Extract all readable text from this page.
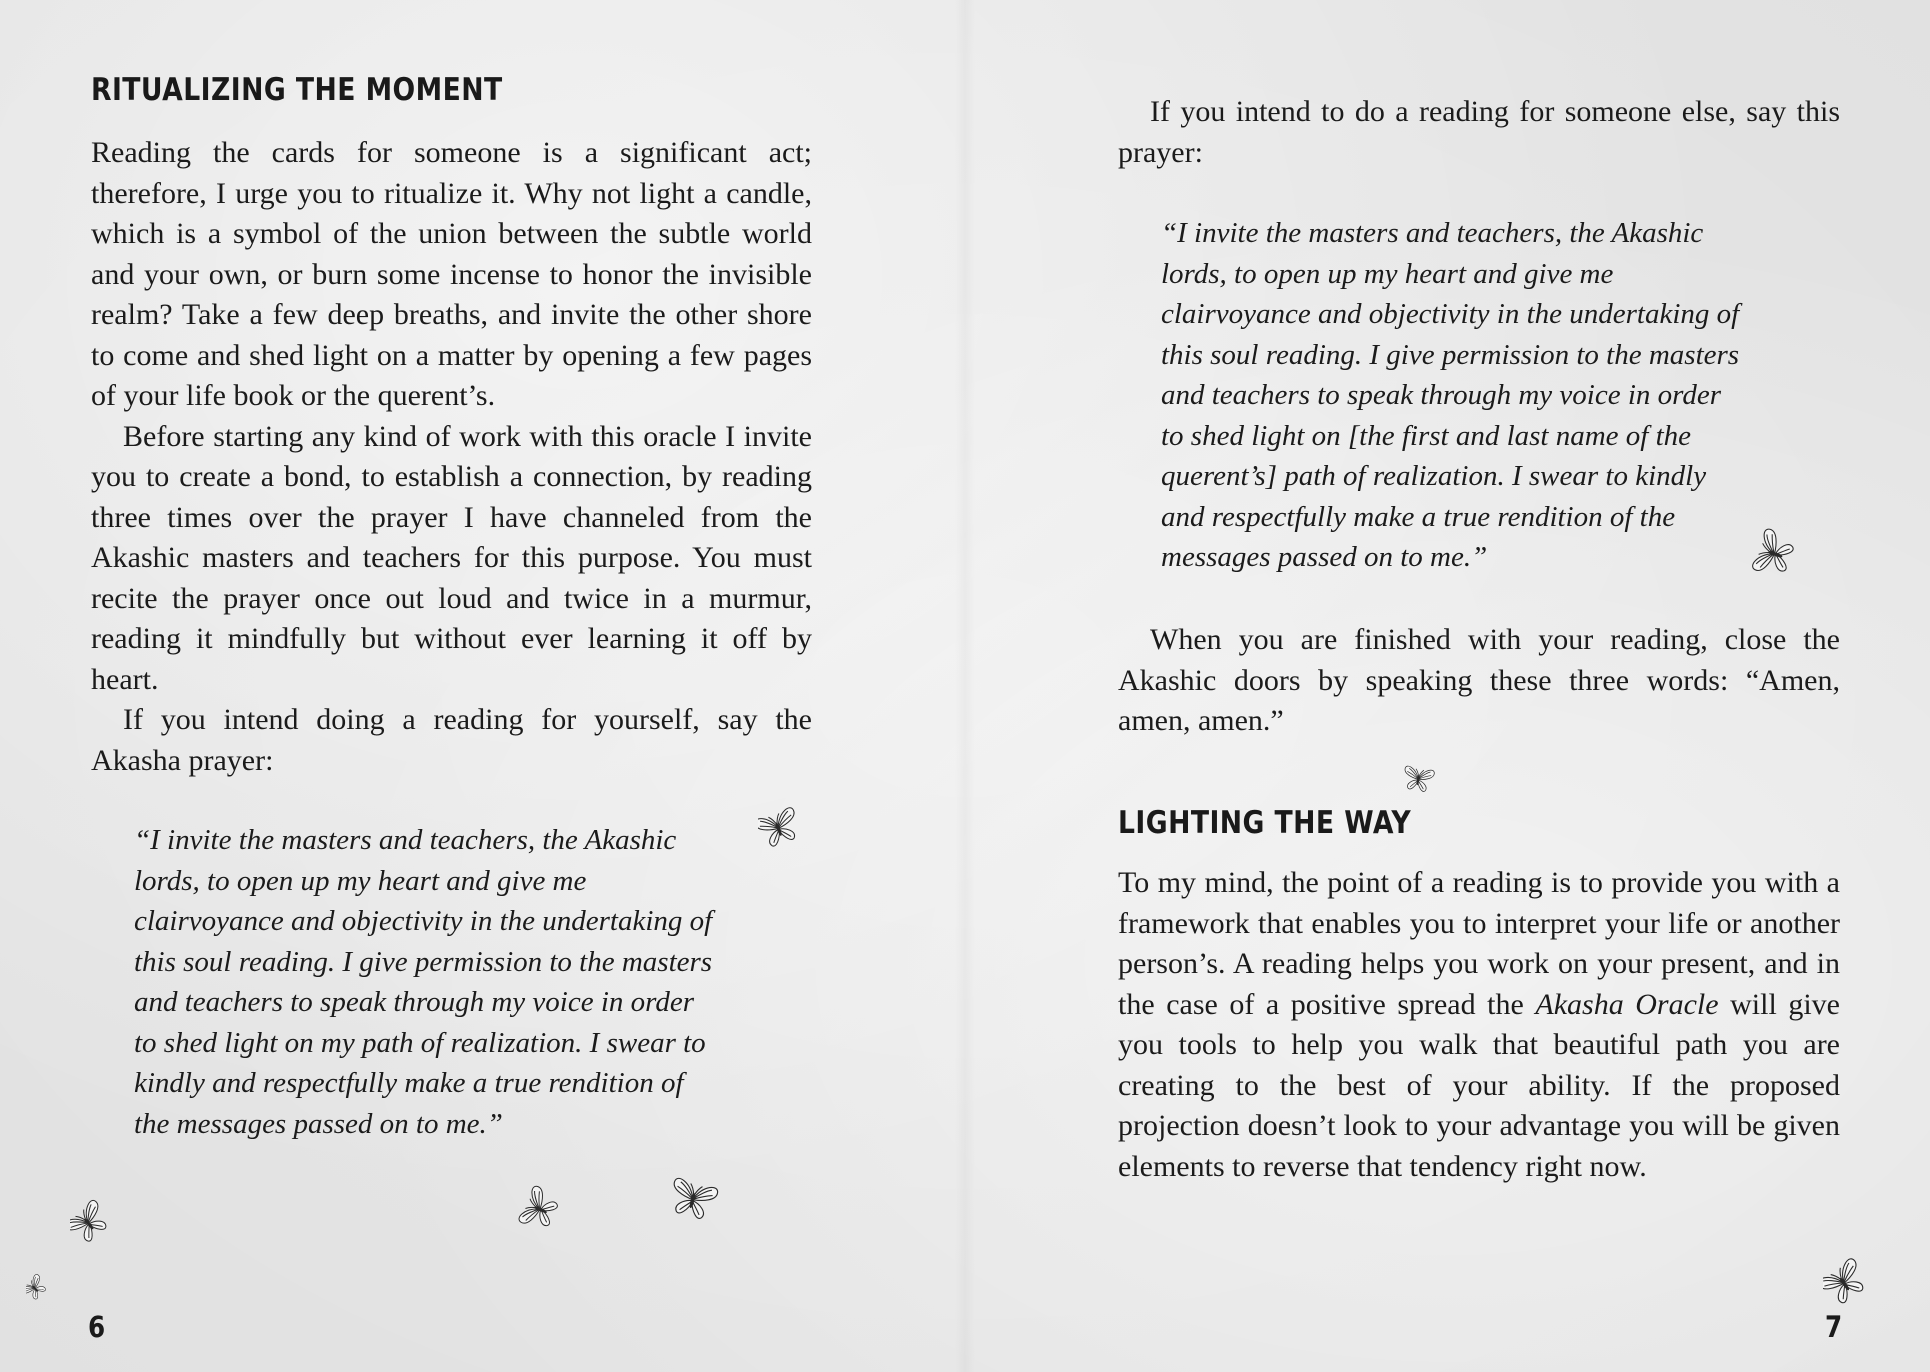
RITUALIZING THE MOMENT

Reading the cards for someone is a significant act; therefore, I urge you to ritualize it. Why not light a candle, which is a symbol of the union between the subtle world and your own, or burn some incense to honor the invisible realm? Take a few deep breaths, and invite the other shore to come and shed light on a matter by opening a few pages of your life book or the querent’s.

Before starting any kind of work with this oracle I invite you to create a bond, to establish a connection, by reading three times over the prayer I have channeled from the Akashic masters and teachers for this purpose. You must recite the prayer once out loud and twice in a murmur, reading it mindfully but without ever learning it off by heart.

If you intend doing a reading for yourself, say the Akasha prayer:

“I invite the masters and teachers, the Akashic
lords, to open up my heart and give me
clairvoyance and objectivity in the undertaking of
this soul reading. I give permission to the masters
and teachers to speak through my voice in order
to shed light on my path of realization. I swear to
kindly and respectfully make a true rendition of
the messages passed on to me.”
6

If you intend to do a reading for someone else, say this prayer:

“I invite the masters and teachers, the Akashic
lords, to open up my heart and give me
clairvoyance and objectivity in the undertaking of
this soul reading. I give permission to the masters
and teachers to speak through my voice in order
to shed light on [the first and last name of the
querent’s] path of realization. I swear to kindly
and respectfully make a true rendition of the
messages passed on to me.”

When you are finished with your reading, close the Akashic doors by speaking these three words: “Amen, amen, amen.”

LIGHTING THE WAY

To my mind, the point of a reading is to provide you with a framework that enables you to interpret your life or another person’s. A reading helps you work on your present, and in the case of a positive spread the Akasha Oracle will give you tools to help you walk that beautiful path you are creating to the best of your ability. If the proposed projection doesn’t look to your advantage you will be given elements to reverse that tendency right now.

7
